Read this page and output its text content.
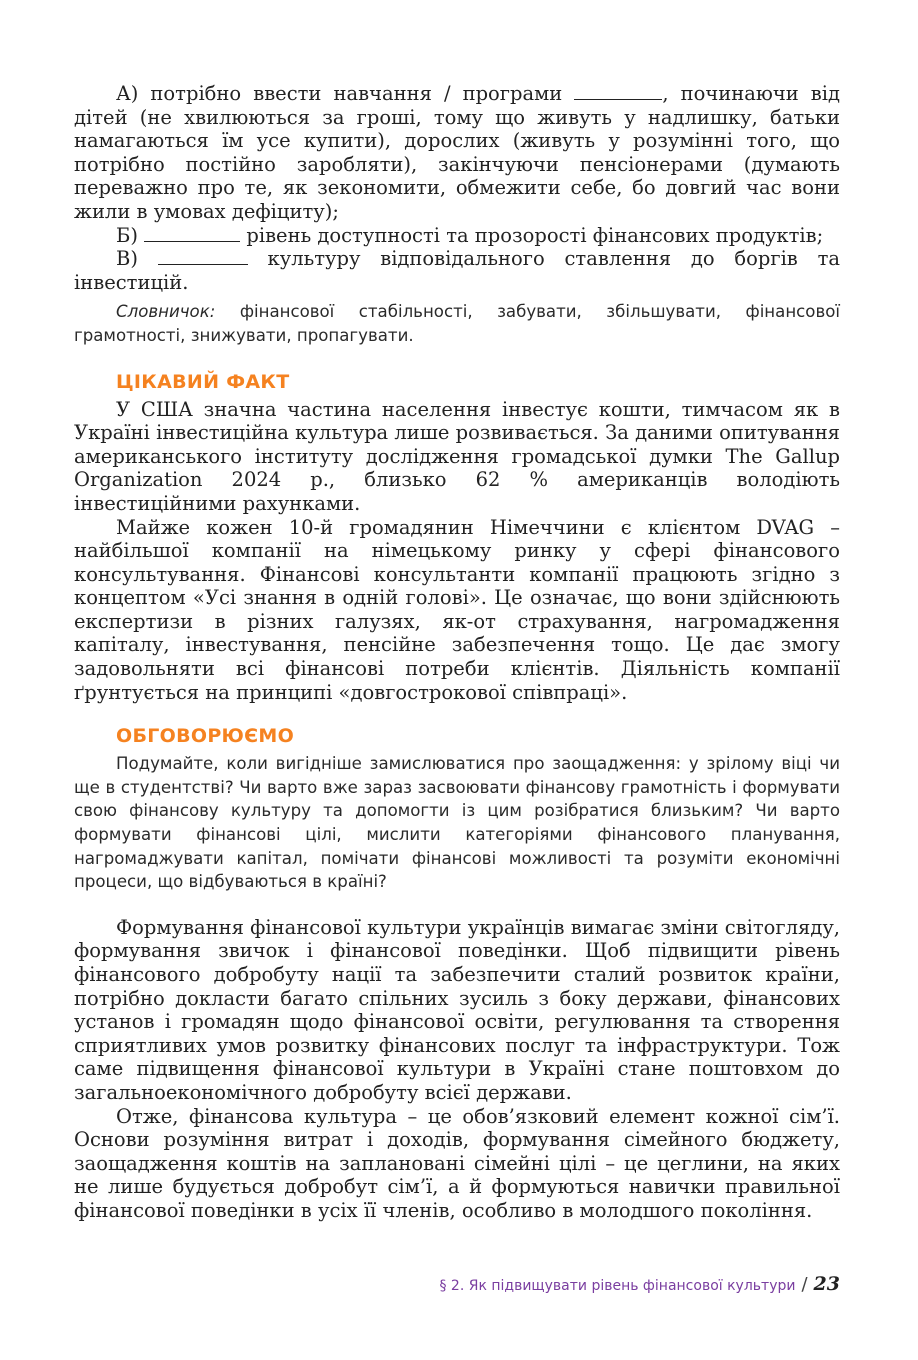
А) потрібно ввести навчання / програми	, починаючи від дітей (не хвилюються за гроші, тому що живуть у надлишку, батьки намагаються їм усе купити), дорослих (живуть у розумінні того, що потрібно постійно заробляти), закінчуючи пенсіонерами (думають переважно про те, як зекономити, обмежити себе, бо довгий час вони жили в умовах дефіциту);

Б)	рівень доступності та прозорості фінансових продуктів;

В)	культуру відповідального ставлення до боргів та інвестицій.

Словничок: фінансової стабільності, забувати, збільшувати, фінансової грамотності, знижувати, пропагувати.

ЦІКАВИЙ ФАКТ

У США значна частина населення інвестує кошти, тимчасом як в Україні інвестиційна культура лише розвивається. За даними опитування американського інституту дослідження громадської думки The Gallup Organization 2024 р., близько 62 % американців володіють інвестиційними рахунками.

Майже кожен 10-й громадянин Німеччини є клієнтом DVAG – найбільшої компанії на німецькому ринку у сфері фінансового консультування. Фінансові консультанти компанії працюють згідно з концептом «Усі знання в одній голові». Це означає, що вони здійснюють експертизи в різних галузях, як-от страхування, нагромадження капіталу, інвестування, пенсійне забезпечення тощо. Це дає змогу задовольняти всі фінансові потреби клієнтів. Діяльність компанії ґрунтується на принципі «довгострокової співпраці».

ОБГОВОРЮЄМО

Подумайте, коли вигідніше замислюватися про заощадження: у зрілому віці чи ще в студентстві? Чи варто вже зараз засвоювати фінансову грамотність і формувати свою фінансову культуру та допомогти із цим розібратися близьким? Чи варто формувати фінансові цілі, мислити категоріями фінансового планування, нагромаджувати капітал, помічати фінансові можливості та розуміти економічні процеси, що відбуваються в країні?

Формування фінансової культури українців вимагає зміни світогляду, формування звичок і фінансової поведінки. Щоб підвищити рівень фінансового добробуту нації та забезпечити сталий розвиток країни, потрібно докласти багато спільних зусиль з боку держави, фінансових установ і громадян щодо фінансової освіти, регулювання та створення сприятливих умов розвитку фінансових послуг та інфраструктури. Тож саме підвищення фінансової культури в Україні стане поштовхом до загальноекономічного добробуту всієї держави.

Отже, фінансова культура – це обов’язковий елемент кожної сім’ї. Основи розуміння витрат і доходів, формування сімейного бюджету, заощадження коштів на заплановані сімейні цілі – це цеглини, на яких не лише будується добробут сім’ї, а й формуються навички правильної фінансової поведінки в усіх її членів, особливо в молодшого покоління.

§ 2. Як підвищувати рівень фінансової культури / 23
